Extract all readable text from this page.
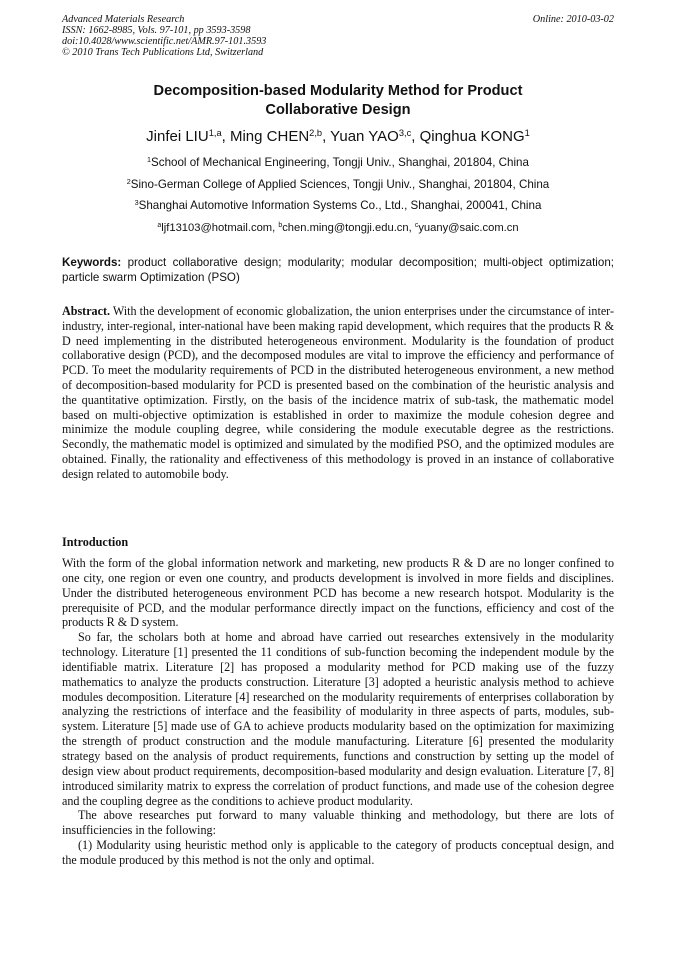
Advanced Materials Research
ISSN: 1662-8985, Vols. 97-101, pp 3593-3598
doi:10.4028/www.scientific.net/AMR.97-101.3593
© 2010 Trans Tech Publications Ltd, Switzerland
Online: 2010-03-02
Decomposition-based Modularity Method for Product
Collaborative Design
Jinfei LIU$^{1,a}$, Ming CHEN$^{2,b}$, Yuan YAO$^{3,c}$, Qinghua KONG$^1$
$^1$School of Mechanical Engineering, Tongji Univ., Shanghai, 201804, China
$^2$Sino-German College of Applied Sciences, Tongji Univ., Shanghai, 201804, China
$^3$Shanghai Automotive Information Systems Co., Ltd., Shanghai, 200041, China
$^a$ljf13103@hotmail.com, $^b$chen.ming@tongji.edu.cn, $^c$yuany@saic.com.cn
Keywords: product collaborative design; modularity; modular decomposition; multi-object optimization; particle swarm Optimization (PSO)
Abstract. With the development of economic globalization, the union enterprises under the circumstance of inter-industry, inter-regional, inter-national have been making rapid development, which requires that the products R & D need implementing in the distributed heterogeneous environment. Modularity is the foundation of product collaborative design (PCD), and the decomposed modules are vital to improve the efficiency and performance of PCD. To meet the modularity requirements of PCD in the distributed heterogeneous environment, a new method of decomposition-based modularity for PCD is presented based on the combination of the heuristic analysis and the quantitative optimization. Firstly, on the basis of the incidence matrix of sub-task, the mathematic model based on multi-objective optimization is established in order to maximize the module cohesion degree and minimize the module coupling degree, while considering the module executable degree as the restrictions. Secondly, the mathematic model is optimized and simulated by the modified PSO, and the optimized modules are obtained. Finally, the rationality and effectiveness of this methodology is proved in an instance of collaborative design related to automobile body.
Introduction

With the form of the global information network and marketing, new products R & D are no longer confined to one city, one region or even one country, and products development is involved in more fields and disciplines. Under the distributed heterogeneous environment PCD has become a new research hotspot. Modularity is the prerequisite of PCD, and the modular performance directly impact on the functions, efficiency and cost of the products R & D system.

So far, the scholars both at home and abroad have carried out researches extensively in the modularity technology. Literature [1] presented the 11 conditions of sub-function becoming the independent module by the identifiable matrix. Literature [2] has proposed a modularity method for PCD making use of the fuzzy mathematics to analyze the products construction. Literature [3] adopted a heuristic analysis method to achieve modules decomposition. Literature [4] researched on the modularity requirements of enterprises collaboration by analyzing the restrictions of interface and the feasibility of modularity in three aspects of parts, modules, sub-system. Literature [5] made use of GA to achieve products modularity based on the optimization for maximizing the strength of product construction and the module manufacturing. Literature [6] presented the modularity strategy based on the analysis of product requirements, functions and construction by setting up the model of design view about product requirements, decomposition-based modularity and design evaluation. Literature [7, 8] introduced similarity matrix to express the correlation of product functions, and made use of the cohesion degree and the coupling degree as the conditions to achieve product modularity.

The above researches put forward to many valuable thinking and methodology, but there are lots of insufficiencies in the following:

(1) Modularity using heuristic method only is applicable to the category of products conceptual design, and the module produced by this method is not the only and optimal.
